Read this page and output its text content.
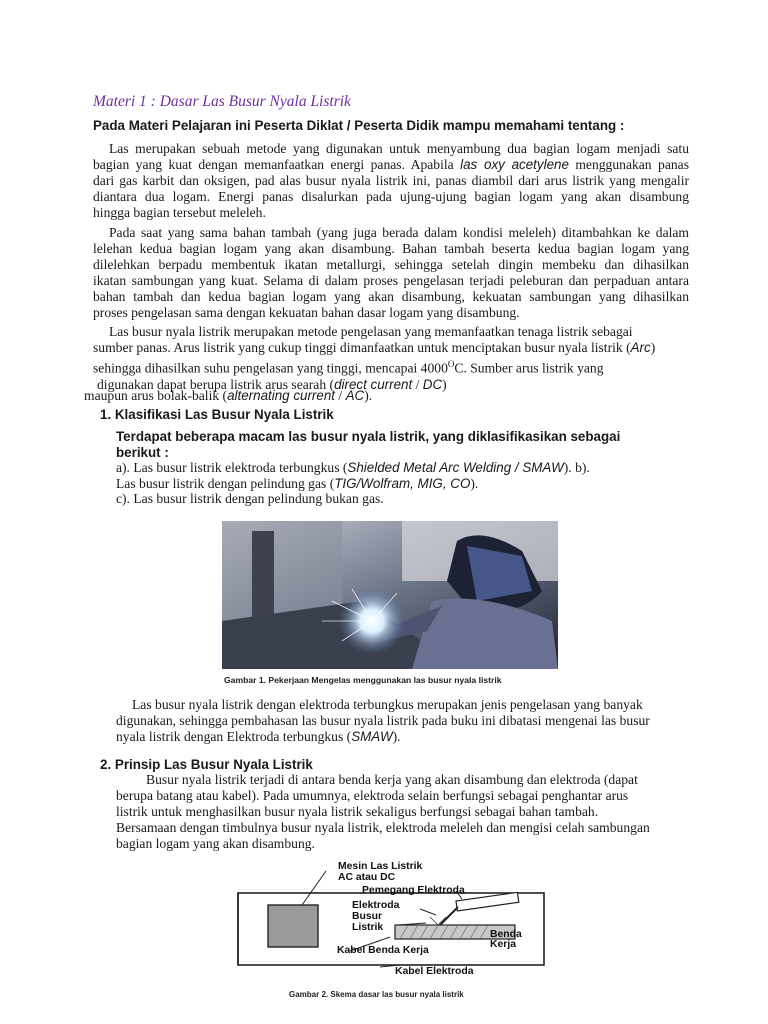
Materi 1 : Dasar Las Busur Nyala Listrik
Pada Materi Pelajaran ini Peserta Diklat / Peserta Didik mampu memahami tentang :
Las merupakan sebuah metode yang digunakan untuk menyambung dua bagian logam menjadi satu
bagian yang kuat dengan memanfaatkan energi panas. Apabila las oxy acetylene menggunakan panas
dari gas karbit dan oksigen, pad alas busur nyala listrik ini, panas diambil dari arus listrik yang mengalir
diantara dua logam. Energi panas disalurkan pada ujung-ujung bagian logam yang akan disambung
hingga bagian tersebut meleleh.
Pada saat yang sama bahan tambah (yang juga berada dalam kondisi meleleh) ditambahkan ke dalam
lelehan kedua bagian logam yang akan disambung. Bahan tambah beserta kedua bagian logam yang
dilelehkan berpadu membentuk ikatan metallurgi, sehingga setelah dingin membeku dan dihasilkan
ikatan sambungan yang kuat. Selama di dalam proses pengelasan terjadi peleburan dan perpaduan antara
bahan tambah dan kedua bagian logam yang akan disambung, kekuatan sambungan yang dihasilkan
proses pengelasan sama dengan kekuatan bahan dasar logam yang disambung.
Las busur nyala listrik merupakan metode pengelasan yang memanfaatkan tenaga listrik sebagai
sumber panas. Arus listrik yang cukup tinggi dimanfaatkan untuk menciptakan busur nyala listrik (Arc)
sehingga dihasilkan suhu pengelasan yang tinggi, mencapai $4000^OC$. Sumber arus listrik yang
digunakan dapat berupa listrik arus searah (direct current / DC)
maupun arus bolak-balik (alternating current / AC).
1. Klasifikasi Las Busur Nyala Listrik
Terdapat beberapa macam las busur nyala listrik, yang diklasifikasikan sebagai
berikut :
a). Las busur listrik elektroda terbungkus (Shielded Metal Arc Welding / SMAW). b).
Las busur listrik dengan pelindung gas (TIG/Wolfram, MIG, CO).
c). Las busur listrik dengan pelindung bukan gas.
Gambar 1. Pekerjaan Mengelas menggunakan las busur nyala listrik
Las busur nyala listrik dengan elektroda terbungkus merupakan jenis pengelasan yang banyak
digunakan, sehingga pembahasan las busur nyala listrik pada buku ini dibatasi mengenai las busur
nyala listrik dengan Elektroda terbungkus (SMAW).
2. Prinsip Las Busur Nyala Listrik
Busur nyala listrik terjadi di antara benda kerja yang akan disambung dan elektroda (dapat
berupa batang atau kabel). Pada umumnya, elektroda selain berfungsi sebagai penghantar arus
listrik untuk menghasilkan busur nyala listrik sekaligus berfungsi sebagai bahan tambah.
Bersamaan dengan timbulnya busur nyala listrik, elektroda meleleh dan mengisi celah sambungan
bagian logam yang akan disambung.
Mesin Las Listrik
AC atau DC
Pemegang Elektroda
Elektroda
Busur
Listrik
Benda
Kerja
Kabel Benda Kerja
Kabel Elektroda
Gambar 2. Skema dasar las busur nyala listrik
